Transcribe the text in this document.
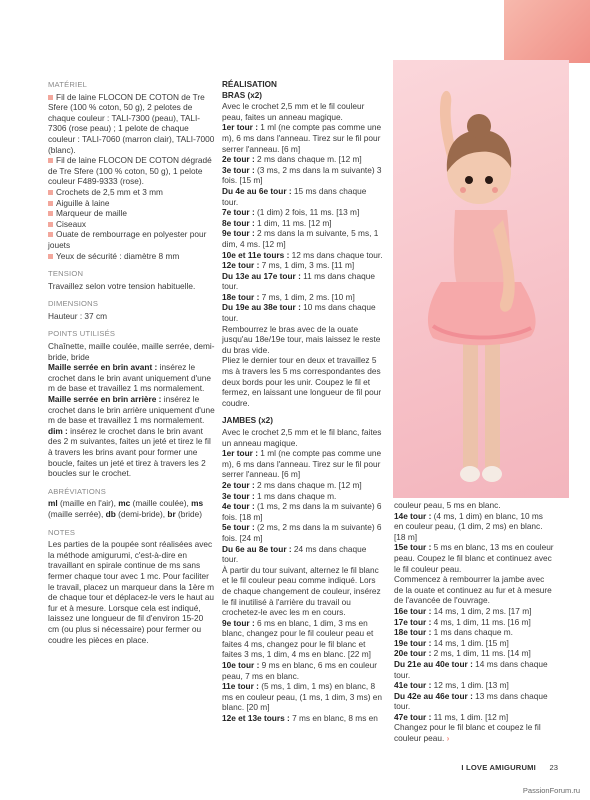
MATÉRIEL

Fil de laine FLOCON DE COTON de Tre Sfere (100 % coton, 50 g), 2 pelotes de chaque couleur : TALI-7300 (peau), TALI-7306 (rose peau) ; 1 pelote de chaque couleur : TALI-7060 (marron clair), TALI-7000 (blanc).
Fil de laine FLOCON DE COTON dégradé de Tre Sfere (100 % coton, 50 g), 1 pelote couleur F489-9333 (rose).
Crochets de 2,5 mm et 3 mm
Aiguille à laine
Marqueur de maille
Ciseaux
Ouate de rembourrage en polyester pour jouets
Yeux de sécurité : diamètre 8 mm

TENSION

Travaillez selon votre tension habituelle.

DIMENSIONS

Hauteur : 37 cm

POINTS UTILISÉS

Chaînette, maille coulée, maille serrée, demi-bride, bride

Maille serrée en brin avant : insérez le crochet dans le brin avant uniquement d'une m de base et travaillez 1 ms normalement.

Maille serrée en brin arrière : insérez le crochet dans le brin arrière uniquement d'une m de base et travaillez 1 ms normalement.

dim : insérez le crochet dans le brin avant des 2 m suivantes, faites un jeté et tirez le fil à travers les brins avant pour former une boucle, faites un jeté et tirez à travers les 2 boucles sur le crochet.

ABRÉVIATIONS

ml (maille en l'air), mc (maille coulée), ms (maille serrée), db (demi-bride), br (bride)

NOTES

Les parties de la poupée sont réalisées avec la méthode amigurumi, c'est-à-dire en travaillant en spirale continue de ms sans fermer chaque tour avec 1 mc. Pour faciliter le travail, placez un marqueur dans la 1ère m de chaque tour et déplacez-le vers le haut au fur et à mesure. Lorsque cela est indiqué, laissez une longueur de fil d'environ 15-20 cm (ou plus si nécessaire) pour fermer ou coudre les pièces en place.

RÉALISATION

BRAS (x2)

Avec le crochet 2,5 mm et le fil couleur peau, faites un anneau magique.

1er tour : 1 ml (ne compte pas comme une m), 6 ms dans l'anneau. Tirez sur le fil pour serrer l'anneau. [6 m]

2e tour : 2 ms dans chaque m. [12 m]

3e tour : (3 ms, 2 ms dans la m suivante) 3 fois. [15 m]

Du 4e au 6e tour : 15 ms dans chaque tour.

7e tour : (1 dim) 2 fois, 11 ms. [13 m]

8e tour : 1 dim, 11 ms. [12 m]

9e tour : 2 ms dans la m suivante, 5 ms, 1 dim, 4 ms. [12 m]

10e et 11e tours : 12 ms dans chaque tour.

12e tour : 7 ms, 1 dim, 3 ms. [11 m]

Du 13e au 17e tour : 11 ms dans chaque tour.

18e tour : 7 ms, 1 dim, 2 ms. [10 m]

Du 19e au 38e tour : 10 ms dans chaque tour.

Rembourrez le bras avec de la ouate jusqu'au 18e/19e tour, mais laissez le reste du bras vide.

Pliez le dernier tour en deux et travaillez 5 ms à travers les 5 ms correspondantes des deux bords pour les unir. Coupez le fil et fermez, en laissant une longueur de fil pour coudre.

JAMBES (x2)

Avec le crochet 2,5 mm et le fil blanc, faites un anneau magique.

1er tour : 1 ml (ne compte pas comme une m), 6 ms dans l'anneau. Tirez sur le fil pour serrer l'anneau. [6 m]

2e tour : 2 ms dans chaque m. [12 m]

3e tour : 1 ms dans chaque m.

4e tour : (1 ms, 2 ms dans la m suivante) 6 fois. [18 m]

5e tour : (2 ms, 2 ms dans la m suivante) 6 fois. [24 m]

Du 6e au 8e tour : 24 ms dans chaque tour.

À partir du tour suivant, alternez le fil blanc et le fil couleur peau comme indiqué. Lors de chaque changement de couleur, insérez le fil inutilisé à l'arrière du travail ou crochetez-le avec les m en cours.

9e tour : 6 ms en blanc, 1 dim, 3 ms en blanc, changez pour le fil couleur peau et faites 4 ms, changez pour le fil blanc et faites 3 ms, 1 dim, 4 ms en blanc. [22 m]

10e tour : 9 ms en blanc, 6 ms en couleur peau, 7 ms en blanc.

11e tour : (5 ms, 1 dim, 1 ms) en blanc, 8 ms en couleur peau, (1 ms, 1 dim, 3 ms) en blanc. [20 m]

12e et 13e tours : 7 ms en blanc, 8 ms en

couleur peau, 5 ms en blanc.

14e tour : (4 ms, 1 dim) en blanc, 10 ms en couleur peau, (1 dim, 2 ms) en blanc. [18 m]

15e tour : 5 ms en blanc, 13 ms en couleur peau. Coupez le fil blanc et continuez avec le fil couleur peau.

Commencez à rembourrer la jambe avec de la ouate et continuez au fur et à mesure de l'avancée de l'ouvrage.

16e tour : 14 ms, 1 dim, 2 ms. [17 m]

17e tour : 4 ms, 1 dim, 11 ms. [16 m]

18e tour : 1 ms dans chaque m.

19e tour : 14 ms, 1 dim. [15 m]

20e tour : 2 ms, 1 dim, 11 ms. [14 m]

Du 21e au 40e tour : 14 ms dans chaque tour.

41e tour : 12 ms, 1 dim. [13 m]

Du 42e au 46e tour : 13 ms dans chaque tour.

47e tour : 11 ms, 1 dim. [12 m]

Changez pour le fil blanc et coupez le fil couleur peau. ›

I LOVE AMIGURUMI 23
PassionForum.ru
